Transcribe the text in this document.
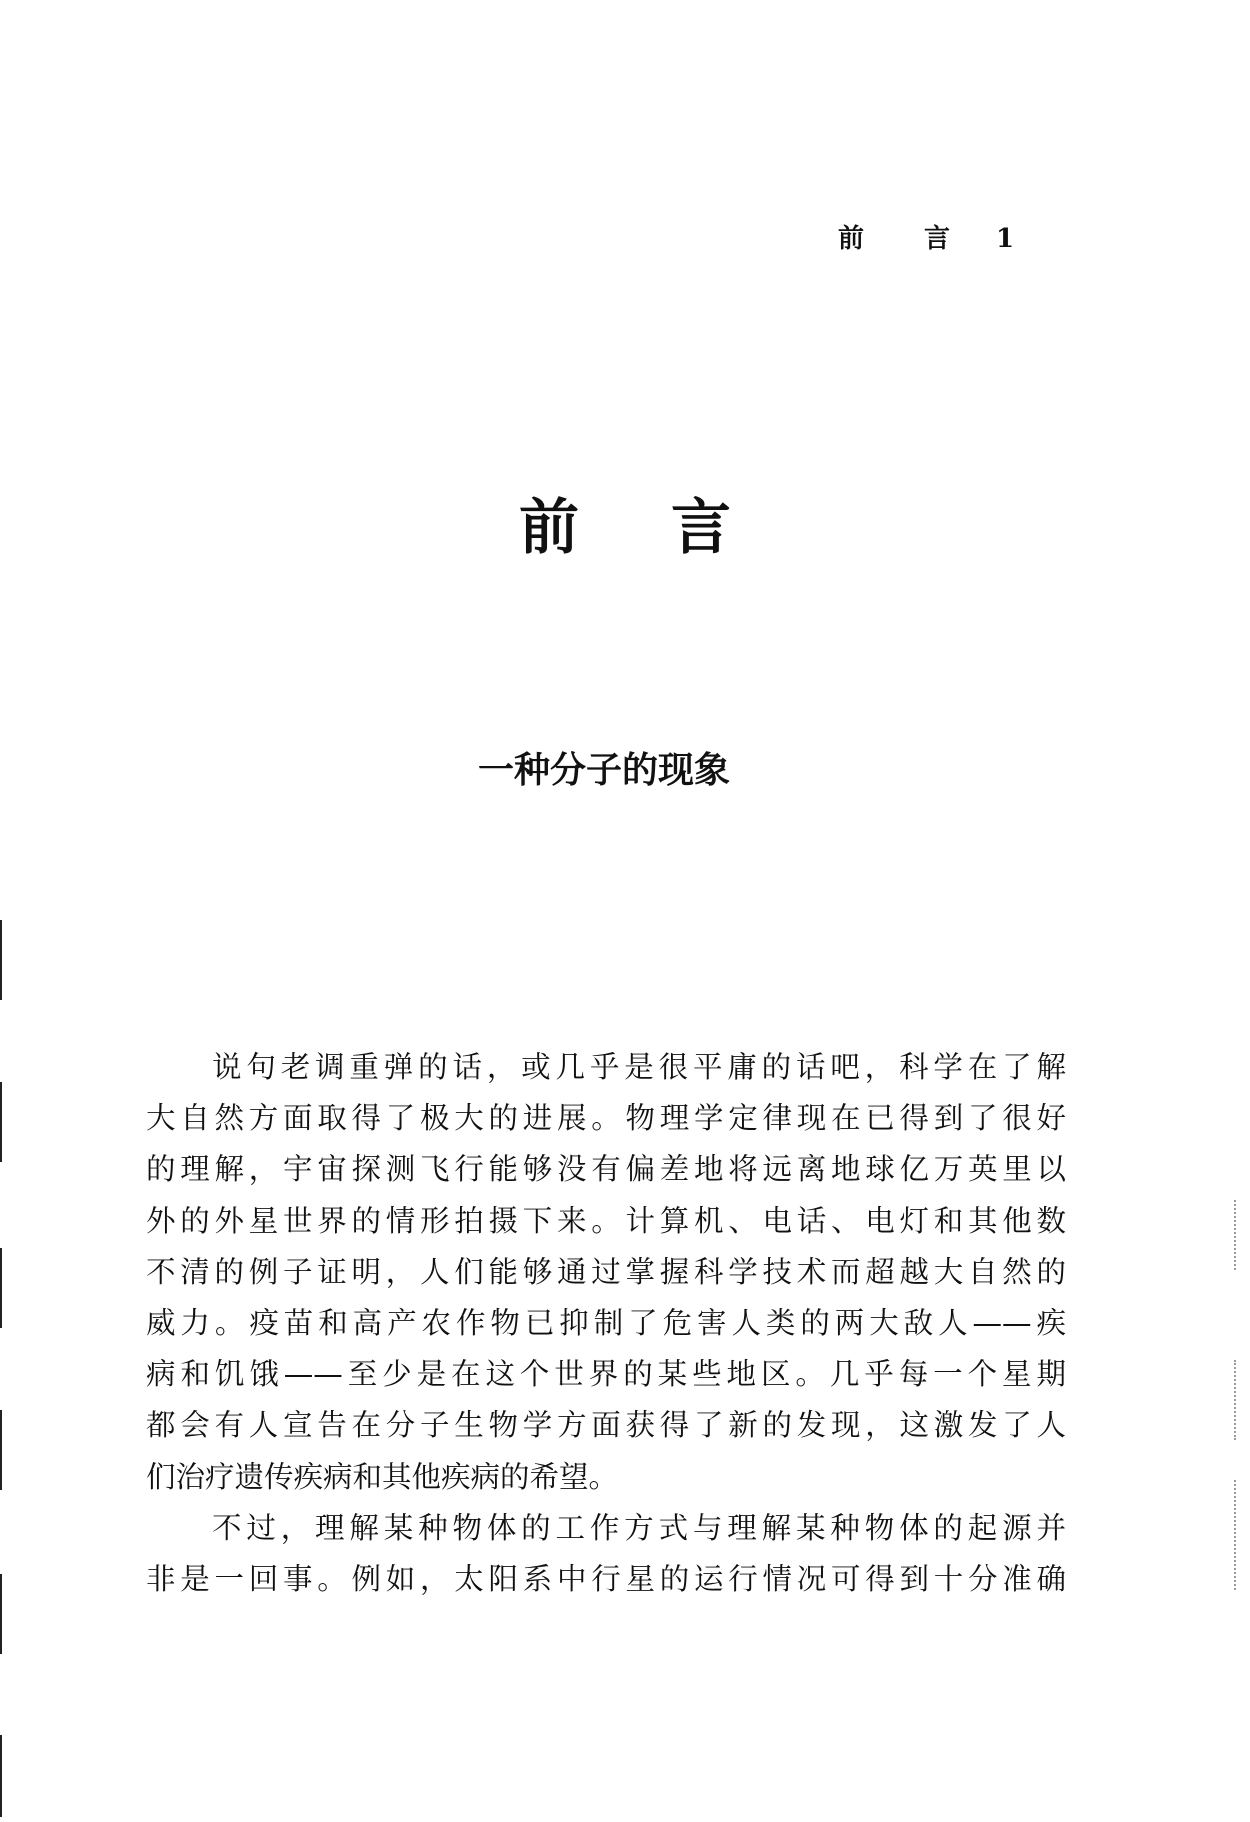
前 言 1
前言
一种分子的现象
说句老调重弹的话，或几乎是很平庸的话吧，科学在了解
大自然方面取得了极大的进展。物理学定律现在已得到了很好
的理解，宇宙探测飞行能够没有偏差地将远离地球亿万英里以
外的外星世界的情形拍摄下来。计算机、电话、电灯和其他数
不清的例子证明，人们能够通过掌握科学技术而超越大自然的
威力。疫苗和高产农作物已抑制了危害人类的两大敌人——疾
病和饥饿——至少是在这个世界的某些地区。几乎每一个星期
都会有人宣告在分子生物学方面获得了新的发现，这激发了人
们治疗遗传疾病和其他疾病的希望。
不过，理解某种物体的工作方式与理解某种物体的起源并
非是一回事。例如，太阳系中行星的运行情况可得到十分准确
